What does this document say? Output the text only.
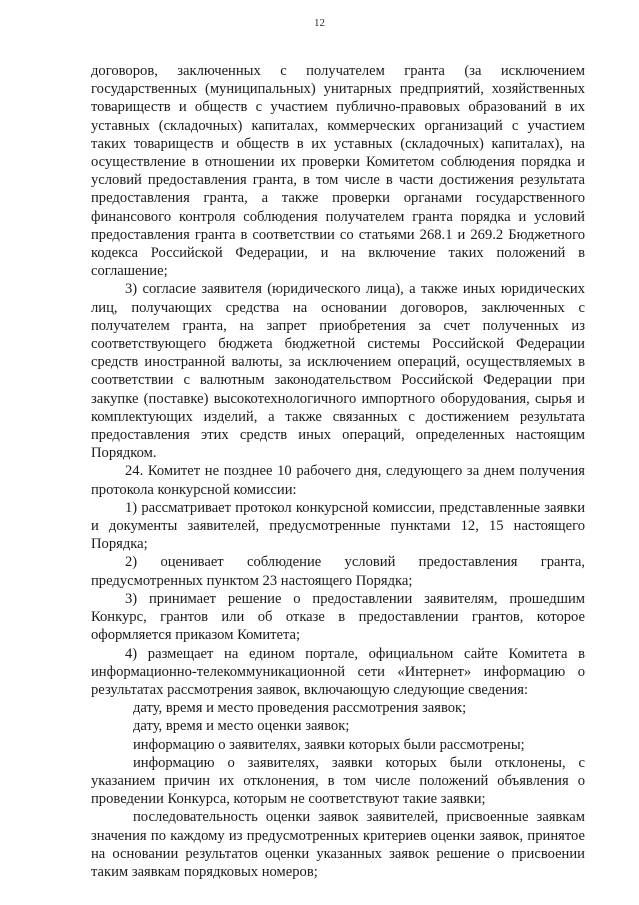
12

договоров, заключенных с получателем гранта (за исключением государственных (муниципальных) унитарных предприятий, хозяйственных товариществ и обществ с участием публично-правовых образований в их уставных (складочных) капиталах, коммерческих организаций с участием таких товариществ и обществ в их уставных (складочных) капиталах), на осуществление в отношении их проверки Комитетом соблюдения порядка и условий предоставления гранта, в том числе в части достижения результата предоставления гранта, а также проверки органами государственного финансового контроля соблюдения получателем гранта порядка и условий предоставления гранта в соответствии со статьями 268.1 и 269.2 Бюджетного кодекса Российской Федерации, и на включение таких положений в соглашение;

3) согласие заявителя (юридического лица), а также иных юридических лиц, получающих средства на основании договоров, заключенных с получателем гранта, на запрет приобретения за счет полученных из соответствующего бюджета бюджетной системы Российской Федерации средств иностранной валюты, за исключением операций, осуществляемых в соответствии с валютным законодательством Российской Федерации при закупке (поставке) высокотехнологичного импортного оборудования, сырья и комплектующих изделий, а также связанных с достижением результата предоставления этих средств иных операций, определенных настоящим Порядком.

24. Комитет не позднее 10 рабочего дня, следующего за днем получения протокола конкурсной комиссии:

1) рассматривает протокол конкурсной комиссии, представленные заявки и документы заявителей, предусмотренные пунктами 12, 15 настоящего Порядка;

2) оценивает соблюдение условий предоставления гранта, предусмотренных пунктом 23 настоящего Порядка;

3) принимает решение о предоставлении заявителям, прошедшим Конкурс, грантов или об отказе в предоставлении грантов, которое оформляется приказом Комитета;

4) размещает на едином портале, официальном сайте Комитета в информационно-телекоммуникационной сети «Интернет» информацию о результатах рассмотрения заявок, включающую следующие сведения:

дату, время и место проведения рассмотрения заявок;

дату, время и место оценки заявок;

информацию о заявителях, заявки которых были рассмотрены;

информацию о заявителях, заявки которых были отклонены, с указанием причин их отклонения, в том числе положений объявления о проведении Конкурса, которым не соответствуют такие заявки;

последовательность оценки заявок заявителей, присвоенные заявкам значения по каждому из предусмотренных критериев оценки заявок, принятое на основании результатов оценки указанных заявок решение о присвоении таким заявкам порядковых номеров;
